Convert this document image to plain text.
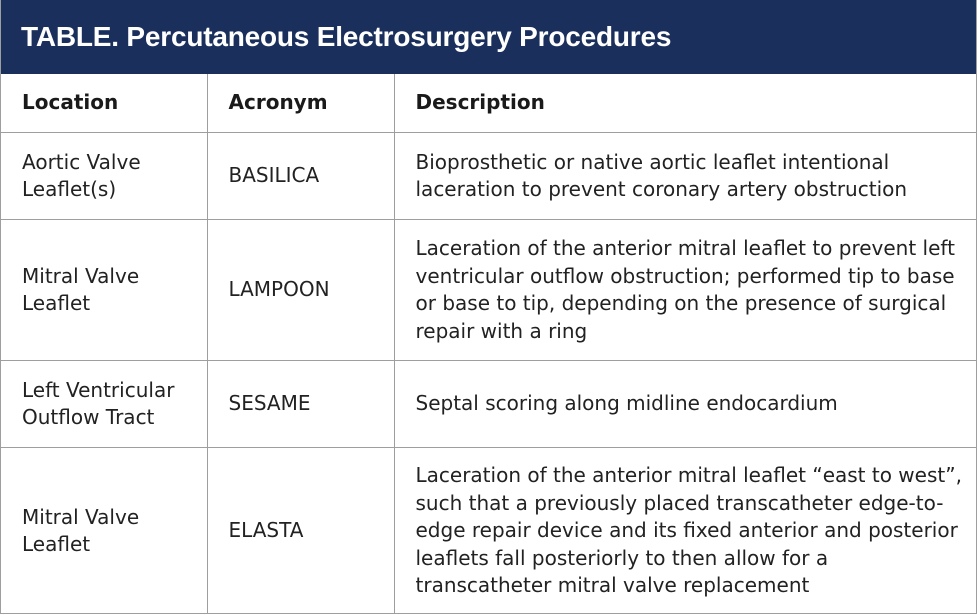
TABLE. Percutaneous Electrosurgery Procedures
Location	Acronym	Description
Aortic Valve Leaflet(s)	BASILICA	Bioprosthetic or native aortic leaflet intentional laceration to prevent coronary artery obstruction
Mitral Valve Leaflet	LAMPOON	Laceration of the anterior mitral leaflet to prevent left ventricular outflow obstruction; performed tip to base or base to tip, depending on the presence of surgical repair with a ring
Left Ventricular Outflow Tract	SESAME	Septal scoring along midline endocardium
Mitral Valve Leaflet	ELASTA	Laceration of the anterior mitral leaflet “east to west”, such that a previously placed transcatheter edge-to-edge repair device and its fixed anterior and posterior leaflets fall posteriorly to then allow for a transcatheter mitral valve replacement
